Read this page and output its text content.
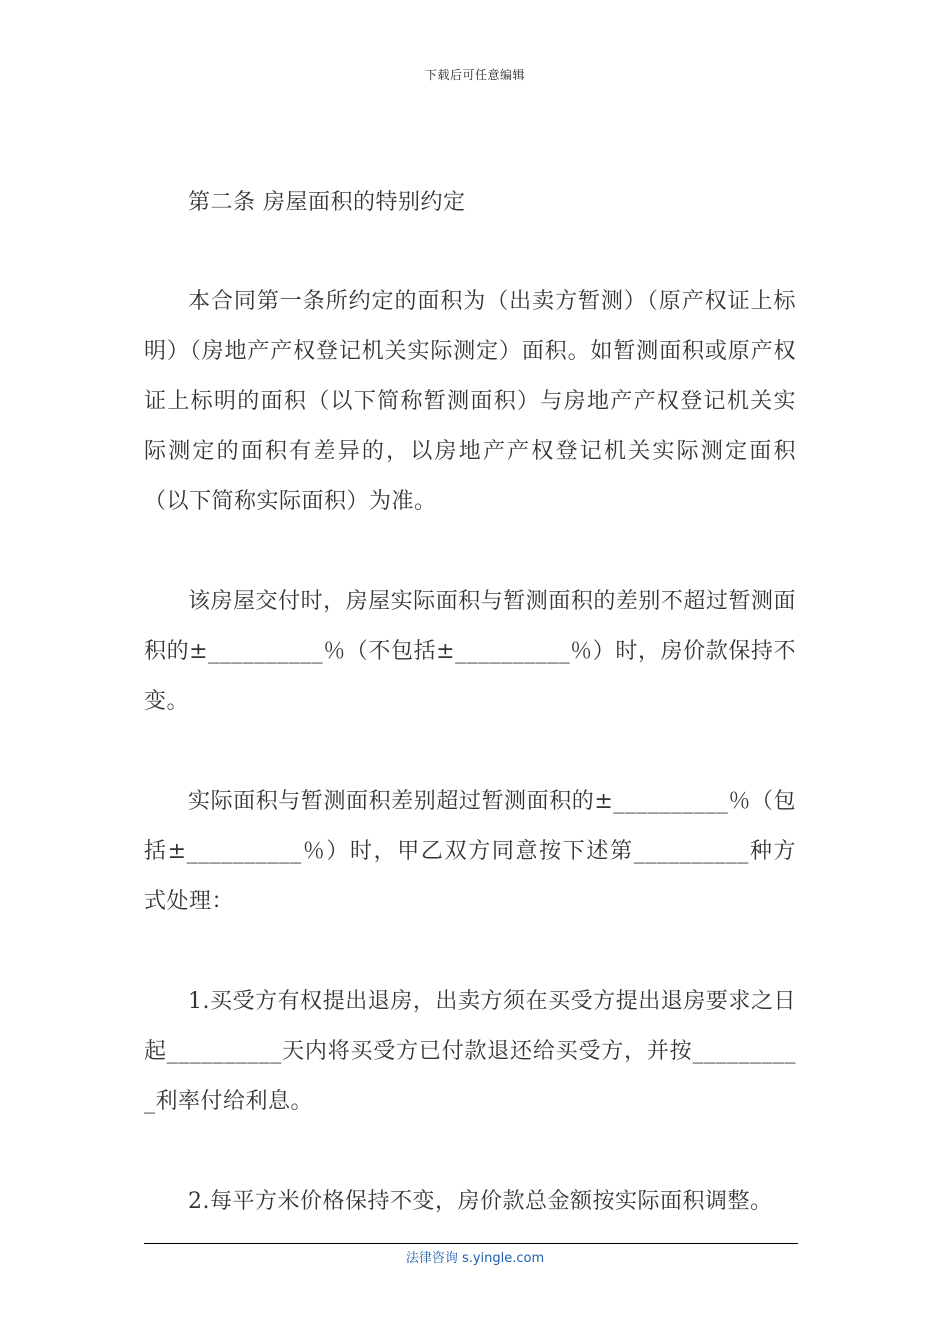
下载后可任意编辑

第二条 房屋面积的特别约定

本合同第一条所约定的面积为（出卖方暂测）（原产权证上标明）（房地产产权登记机关实际测定）面积。如暂测面积或原产权证上标明的面积（以下简称暂测面积）与房地产产权登记机关实际测定的面积有差异的，以房地产产权登记机关实际测定面积（以下简称实际面积）为准。

该房屋交付时，房屋实际面积与暂测面积的差别不超过暂测面积的±__________％（不包括±__________％）时，房价款保持不变。

实际面积与暂测面积差别超过暂测面积的±__________％（包括±__________％）时，甲乙双方同意按下述第__________种方式处理：

1.买受方有权提出退房，出卖方须在买受方提出退房要求之日起__________天内将买受方已付款退还给买受方，并按__________利率付给利息。

2.每平方米价格保持不变，房价款总金额按实际面积调整。

法律咨询 s.yingle.com
